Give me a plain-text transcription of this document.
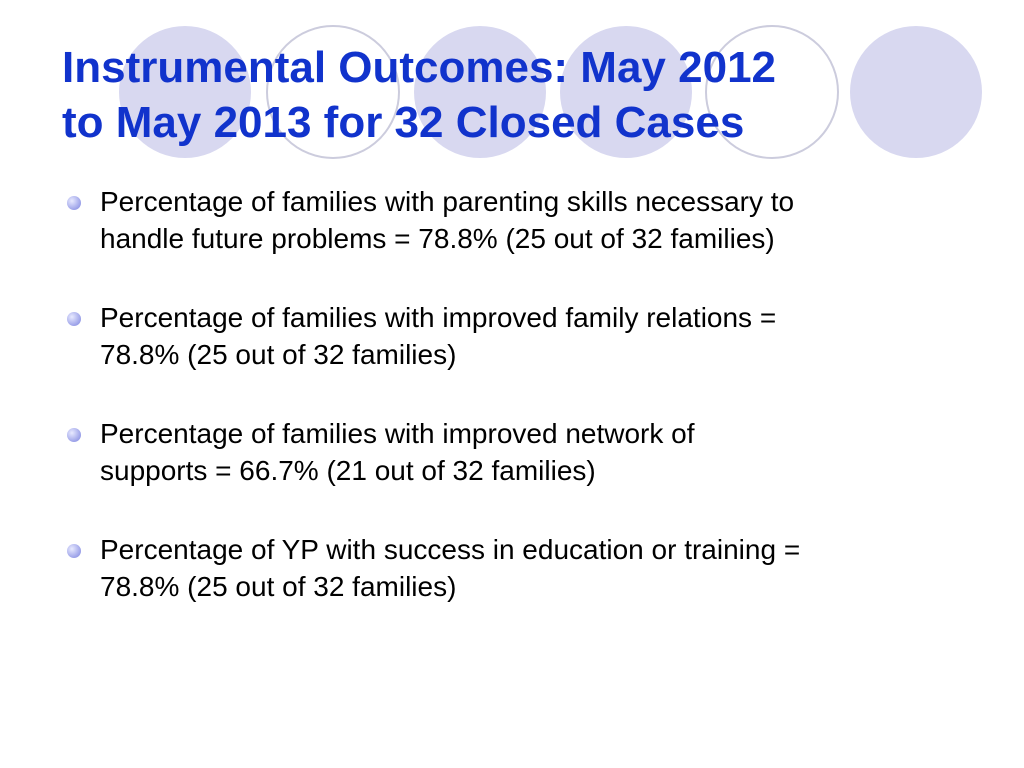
Instrumental Outcomes: May 2012
to May 2013 for 32 Closed Cases
Percentage of families with parenting skills necessary to
handle future problems = 78.8% (25 out of 32 families)
Percentage of families with improved family relations =
78.8% (25 out of 32 families)
Percentage of families with improved network of
supports = 66.7% (21 out of 32 families)
Percentage of YP with success in education or training =
78.8% (25 out of 32 families)
